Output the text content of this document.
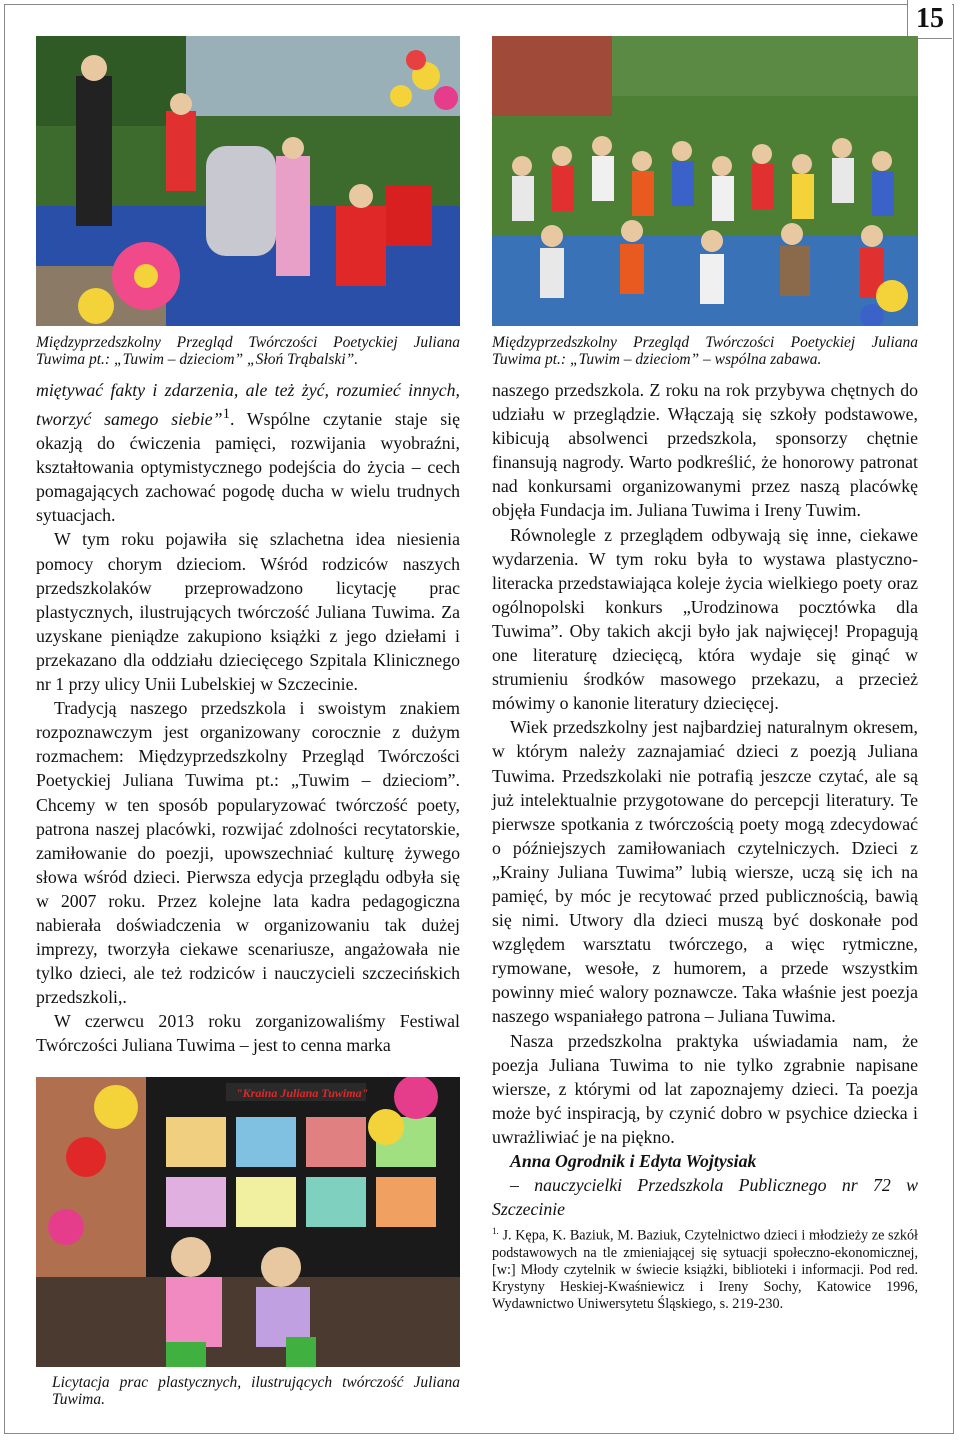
15
Międzyprzedszkolny Przegląd Twórczości Poetyckiej Juliana Tuwima pt.: „Tuwim – dzieciom” „Słoń Trąbalski”.
Międzyprzedszkolny Przegląd Twórczości Poetyckiej Juliana Tuwima pt.: „Tuwim – dzieciom” – wspólna zabawa.

miętywać fakty i zdarzenia, ale też żyć, rozumieć innych, tworzyć samego siebie”$^1$. Wspólne czytanie staje się okazją do ćwiczenia pamięci, rozwijania wyobraźni, kształtowania optymistycznego podejścia do życia – cech pomagających zachować pogodę ducha w wielu trudnych sytuacjach.

W tym roku pojawiła się szlachetna idea niesienia pomocy chorym dzieciom. Wśród rodziców naszych przedszkolaków przeprowadzono licytację prac plastycznych, ilustrujących twórczość Juliana Tuwima. Za uzyskane pieniądze zakupiono książki z jego dziełami i przekazano dla oddziału dziecięcego Szpitala Klinicznego nr 1 przy ulicy Unii Lubelskiej w Szczecinie.

Tradycją naszego przedszkola i swoistym znakiem rozpoznawczym jest organizowany corocznie z dużym rozmachem: Międzyprzedszkolny Przegląd Twórczości Poetyckiej Juliana Tuwima pt.: „Tuwim – dzieciom”. Chcemy w ten sposób popularyzować twórczość poety, patrona naszej placówki, rozwijać zdolności recytatorskie, zamiłowanie do poezji, upowszechniać kulturę żywego słowa wśród dzieci. Pierwsza edycja przeglądu odbyła się w 2007 roku. Przez kolejne lata kadra pedagogiczna nabierała doświadczenia w organizowaniu tak dużej imprezy, tworzyła ciekawe scenariusze, angażowała nie tylko dzieci, ale też rodziców i nauczycieli szczecińskich przedszkoli,.

W czerwcu 2013 roku zorganizowaliśmy Festiwal Twórczości Juliana Tuwima – jest to cenna marka

"Kraina Juliana Tuwima"
Licytacja prac plastycznych, ilustrujących twórczość Juliana Tuwima.

naszego przedszkola. Z roku na rok przybywa chętnych do udziału w przeglądzie. Włączają się szkoły podstawowe, kibicują absolwenci przedszkola, sponsorzy chętnie finansują nagrody. Warto podkreślić, że honorowy patronat nad konkursami organizowanymi przez naszą placówkę objęła Fundacja im. Juliana Tuwima i Ireny Tuwim.

Równolegle z przeglądem odbywają się inne, ciekawe wydarzenia. W tym roku była to wystawa plastyczno-literacka przedstawiająca koleje życia wielkiego poety oraz ogólnopolski konkurs „Urodzinowa pocztówka dla Tuwima”. Oby takich akcji było jak najwięcej! Propagują one literaturę dziecięcą, która wydaje się ginąć w strumieniu środków masowego przekazu, a przecież mówimy o kanonie literatury dziecięcej.

Wiek przedszkolny jest najbardziej naturalnym okresem, w którym należy zaznajamiać dzieci z poezją Juliana Tuwima. Przedszkolaki nie potrafią jeszcze czytać, ale są już intelektualnie przygotowane do percepcji literatury. Te pierwsze spotkania z twórczością poety mogą zdecydować o późniejszych zamiłowaniach czytelniczych. Dzieci z „Krainy Juliana Tuwima” lubią wiersze, uczą się ich na pamięć, by móc je recytować przed publicznością, bawią się nimi. Utwory dla dzieci muszą być doskonałe pod względem warsztatu twórczego, a więc rytmiczne, rymowane, wesołe, z humorem, a przede wszystkim powinny mieć walory poznawcze. Taka właśnie jest poezja naszego wspaniałego patrona – Juliana Tuwima.

Nasza przedszkolna praktyka uświadamia nam, że poezja Juliana Tuwima to nie tylko zgrabnie napisane wiersze, z którymi od lat zapoznajemy dzieci. Ta poezja może być inspiracją, by czynić dobro w psychice dziecka i uwrażliwiać je na piękno.

Anna Ogrodnik i Edyta Wojtysiak

– nauczycielki Przedszkola Publicznego nr 72 w Szczecinie

$^{1.}$ J. Kępa, K. Baziuk, M. Baziuk, Czytelnictwo dzieci i młodzieży ze szkół podstawowych na tle zmieniającej się sytuacji społeczno-ekonomicznej, [w:] Młody czytelnik w świecie książki, biblioteki i informacji. Pod red. Krystyny Heskiej-Kwaśniewicz i Ireny Sochy, Katowice 1996, Wydawnictwo Uniwersytetu Śląskiego, s. 219-230.
